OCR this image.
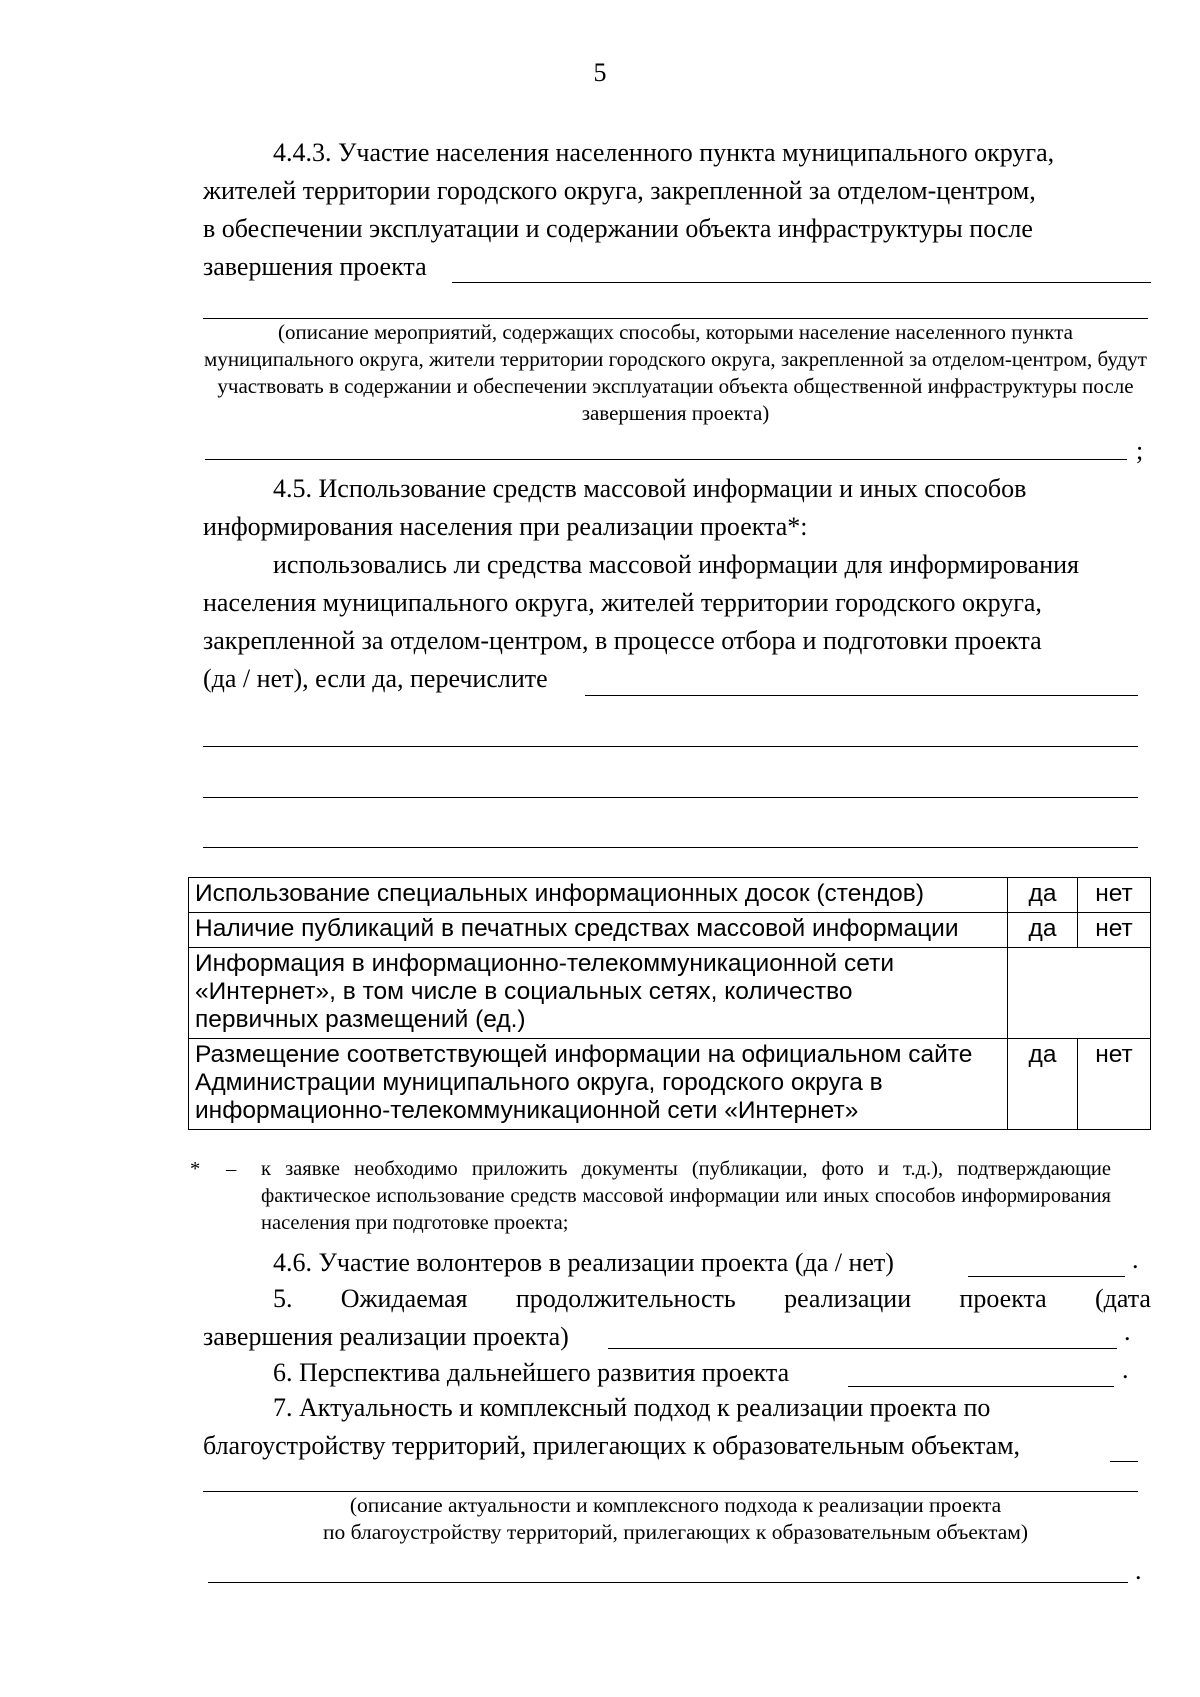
5
4.4.3. Участие населения населенного пункта муниципального округа,
жителей территории городского округа, закрепленной за отделом-центром,
в обеспечении эксплуатации и содержании объекта инфраструктуры после
завершения проекта
(описание мероприятий, содержащих способы, которыми население населенного пункта муниципального округа, жители территории городского округа, закрепленной за отделом-центром, будут участвовать в содержании и обеспечении эксплуатации объекта общественной инфраструктуры после завершения проекта)
;
4.5. Использование средств массовой информации и иных способов
информирования населения при реализации проекта*:
использовались ли средства массовой информации для информирования
населения муниципального округа, жителей территории городского округа,
закрепленной за отделом-центром, в процессе отбора и подготовки проекта
(да / нет), если да, перечислите
Использование специальных информационных досок (стендов)	да	нет
Наличие публикаций в печатных средствах массовой информации	да	нет
Информация в информационно-телекоммуникационной сети «Интернет», в том числе в социальных сетях, количество первичных размещений (ед.)		
Размещение соответствующей информации на официальном сайте Администрации муниципального округа, городского округа в информационно-телекоммуникационной сети «Интернет»	да	нет
* – к заявке необходимо приложить документы (публикации, фото и т.д.), подтверждающие фактическое использование средств массовой информации или иных способов информирования населения при подготовке проекта;
4.6. Участие волонтеров в реализации проекта (да / нет)	.
5. Ожидаемая продолжительность реализации проекта (дата
завершения реализации проекта)	.
6. Перспектива дальнейшего развития проекта	.
7. Актуальность и комплексный подход к реализации проекта по
благоустройству территорий, прилегающих к образовательным объектам,
(описание актуальности и комплексного подхода к реализации проекта
по благоустройству территорий, прилегающих к образовательным объектам)
.
